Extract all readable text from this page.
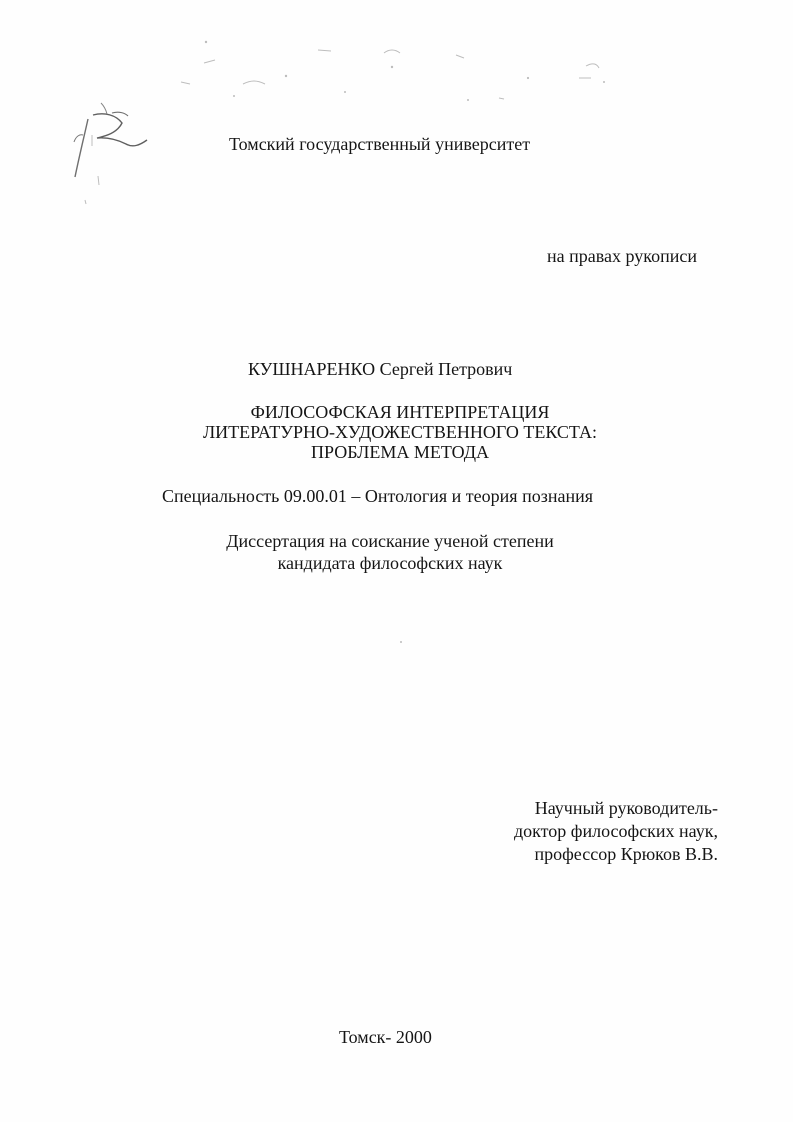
Томский государственный университет
на правах рукописи
КУШНАРЕНКО Сергей Петрович
ФИЛОСОФСКАЯ ИНТЕРПРЕТАЦИЯ
ЛИТЕРАТУРНО-ХУДОЖЕСТВЕННОГО ТЕКСТА:
ПРОБЛЕМА МЕТОДА
Специальность 09.00.01 – Онтология и теория познания
Диссертация на соискание ученой степени
кандидата философских наук
Научный руководитель-
доктор философских наук,
профессор Крюков В.В.
Томск- 2000
